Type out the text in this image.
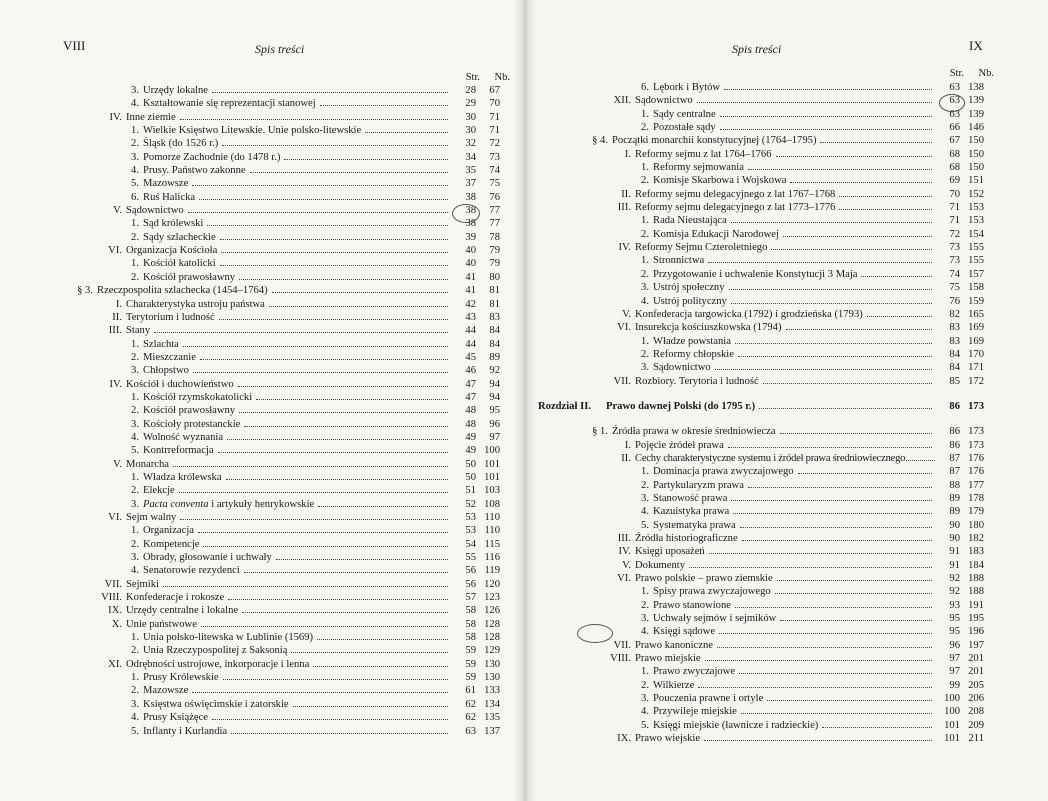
VIII	Spis treści
Str.	Nb.
3. Urzędy lokalne	28 67
4. Kształtowanie się reprezentacji stanowej	29 70
IV. Inne ziemie	30 71
1. Wielkie Księstwo Litewskie. Unie polsko-litewskie	30 71
2. Śląsk (do 1526 r.)	32 72
3. Pomorze Zachodnie (do 1478 r.)	34 73
4. Prusy. Państwo zakonne	35 74
5. Mazowsze	37 75
6. Ruś Halicka	38 76
V. Sądownictwo	38 77
1. Sąd królewski	38 77
2. Sądy szlacheckie	39 78
VI. Organizacja Kościoła	40 79
1. Kościół katolicki	40 79
2. Kościół prawosławny	41 80
§ 3. Rzeczpospolita szlachecka (1454–1764)	41 81
I. Charakterystyka ustroju państwa	42 81
II. Terytorium i ludność	43 83
III. Stany	44 84
1. Szlachta	44 84
2. Mieszczanie	45 89
3. Chłopstwo	46 92
IV. Kościół i duchowieństwo	47 94
1. Kościół rzymskokatolicki	47 94
2. Kościół prawosławny	48 95
3. Kościoły protestanckie	48 96
4. Wolność wyznania	49 97
5. Kontrreformacja	49 100
V. Monarcha	50 101
1. Władza królewska	50 101
2. Elekcje	51 103
3. Pacta conventa i artykuły henrykowskie	52 108
VI. Sejm walny	53 110
1. Organizacja	53 110
2. Kompetencje	54 115
3. Obrady, głosowanie i uchwały	55 116
4. Senatorowie rezydenci	56 119
VII. Sejmiki	56 120
VIII. Konfederacje i rokosze	57 123
IX. Urzędy centralne i lokalne	58 126
X. Unie państwowe	58 128
1. Unia polsko-litewska w Lublinie (1569)	58 128
2. Unia Rzeczypospolitej z Saksonią	59 129
XI. Odrębności ustrojowe, inkorporacje i lenna	59 130
1. Prusy Królewskie	59 130
2. Mazowsze	61 133
3. Księstwa oświęcimskie i zatorskie	62 134
4. Prusy Książęce	62 135
5. Inflanty i Kurlandia	63 137
Spis treści	IX
Str.	Nb.
6. Lębork i Bytów	63 138
XII. Sądownictwo	63 139
1. Sądy centralne	63 139
2. Pozostałe sądy	66 146
§ 4. Początki monarchii konstytucyjnej (1764–1795)	67 150
I. Reformy sejmu z lat 1764–1766	68 150
1. Reformy sejmowania	68 150
2. Komisje Skarbowa i Wojskowa	69 151
II. Reformy sejmu delegacyjnego z lat 1767–1768	70 152
III. Reformy sejmu delegacyjnego z lat 1773–1776	71 153
1. Rada Nieustająca	71 153
2. Komisja Edukacji Narodowej	72 154
IV. Reformy Sejmu Czteroletniego	73 155
1. Stronnictwa	73 155
2. Przygotowanie i uchwalenie Konstytucji 3 Maja	74 157
3. Ustrój społeczny	75 158
4. Ustrój polityczny	76 159
V. Konfederacja targowicka (1792) i grodzieńska (1793)	82 165
VI. Insurekcja kościuszkowska (1794)	83 169
1. Władze powstania	83 169
2. Reformy chłopskie	84 170
3. Sądownictwo	84 171
VII. Rozbiory. Terytoria i ludność	85 172
Rozdział II. Prawo dawnej Polski (do 1795 r.)	86 173
§ 1. Źródła prawa w okresie średniowiecza	86 173
I. Pojęcie źródeł prawa	86 173
II. Cechy charakterystyczne systemu i źródeł prawa średniowiecznego	87 176
1. Dominacja prawa zwyczajowego	87 176
2. Partykularyzm prawa	88 177
3. Stanowość prawa	89 178
4. Kazuistyka prawa	89 179
5. Systematyka prawa	90 180
III. Źródła historiograficzne	90 182
IV. Księgi uposażeń	91 183
V. Dokumenty	91 184
VI. Prawo polskie – prawo ziemskie	92 188
1. Spisy prawa zwyczajowego	92 188
2. Prawo stanowione	93 191
3. Uchwały sejmów i sejmików	95 195
4. Księgi sądowe	95 196
VII. Prawo kanoniczne	96 197
VIII. Prawo miejskie	97 201
1. Prawo zwyczajowe	97 201
2. Wilkierze	99 205
3. Pouczenia prawne i ortyle	100 206
4. Przywileje miejskie	100 208
5. Księgi miejskie (ławnicze i radzieckie)	101 209
IX. Prawo wiejskie	101 211
